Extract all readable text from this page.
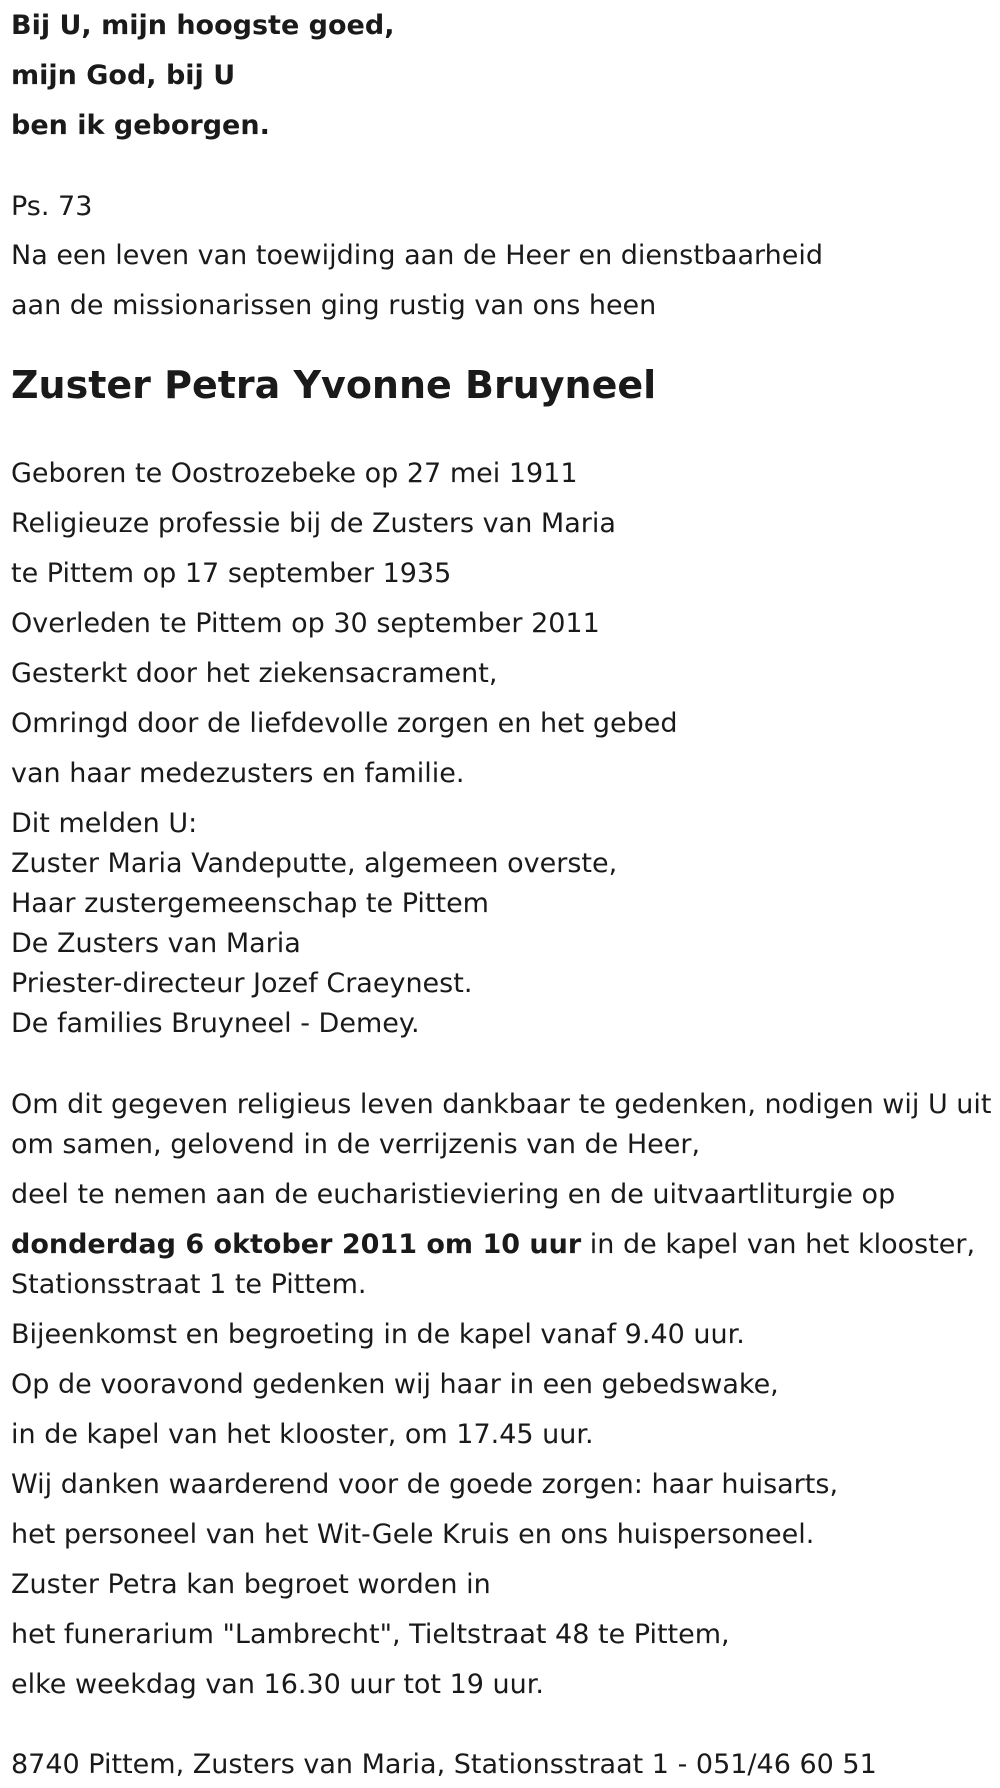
Bij U, mijn hoogste goed,
mijn God, bij U
ben ik geborgen.
Ps. 73
Na een leven van toewijding aan de Heer en dienstbaarheid
aan de missionarissen ging rustig van ons heen
Zuster Petra Yvonne Bruyneel
Geboren te Oostrozebeke op 27 mei 1911
Religieuze professie bij de Zusters van Maria
te Pittem op 17 september 1935
Overleden te Pittem op 30 september 2011
Gesterkt door het ziekensacrament,
Omringd door de liefdevolle zorgen en het gebed
van haar medezusters en familie.
Dit melden U:
Zuster Maria Vandeputte, algemeen overste,
Haar zustergemeenschap te Pittem
De Zusters van Maria
Priester-directeur Jozef Craeynest.
De families Bruyneel - Demey.
Om dit gegeven religieus leven dankbaar te gedenken, nodigen wij U uit
om samen, gelovend in de verrijzenis van de Heer,
deel te nemen aan de eucharistieviering en de uitvaartliturgie op
donderdag 6 oktober 2011 om 10 uur in de kapel van het klooster,
Stationsstraat 1 te Pittem.
Bijeenkomst en begroeting in de kapel vanaf 9.40 uur.
Op de vooravond gedenken wij haar in een gebedswake,
in de kapel van het klooster, om 17.45 uur.
Wij danken waarderend voor de goede zorgen: haar huisarts,
het personeel van het Wit-Gele Kruis en ons huispersoneel.
Zuster Petra kan begroet worden in
het funerarium "Lambrecht", Tieltstraat 48 te Pittem,
elke weekdag van 16.30 uur tot 19 uur.
8740 Pittem, Zusters van Maria, Stationsstraat 1 - 051/46 60 51
